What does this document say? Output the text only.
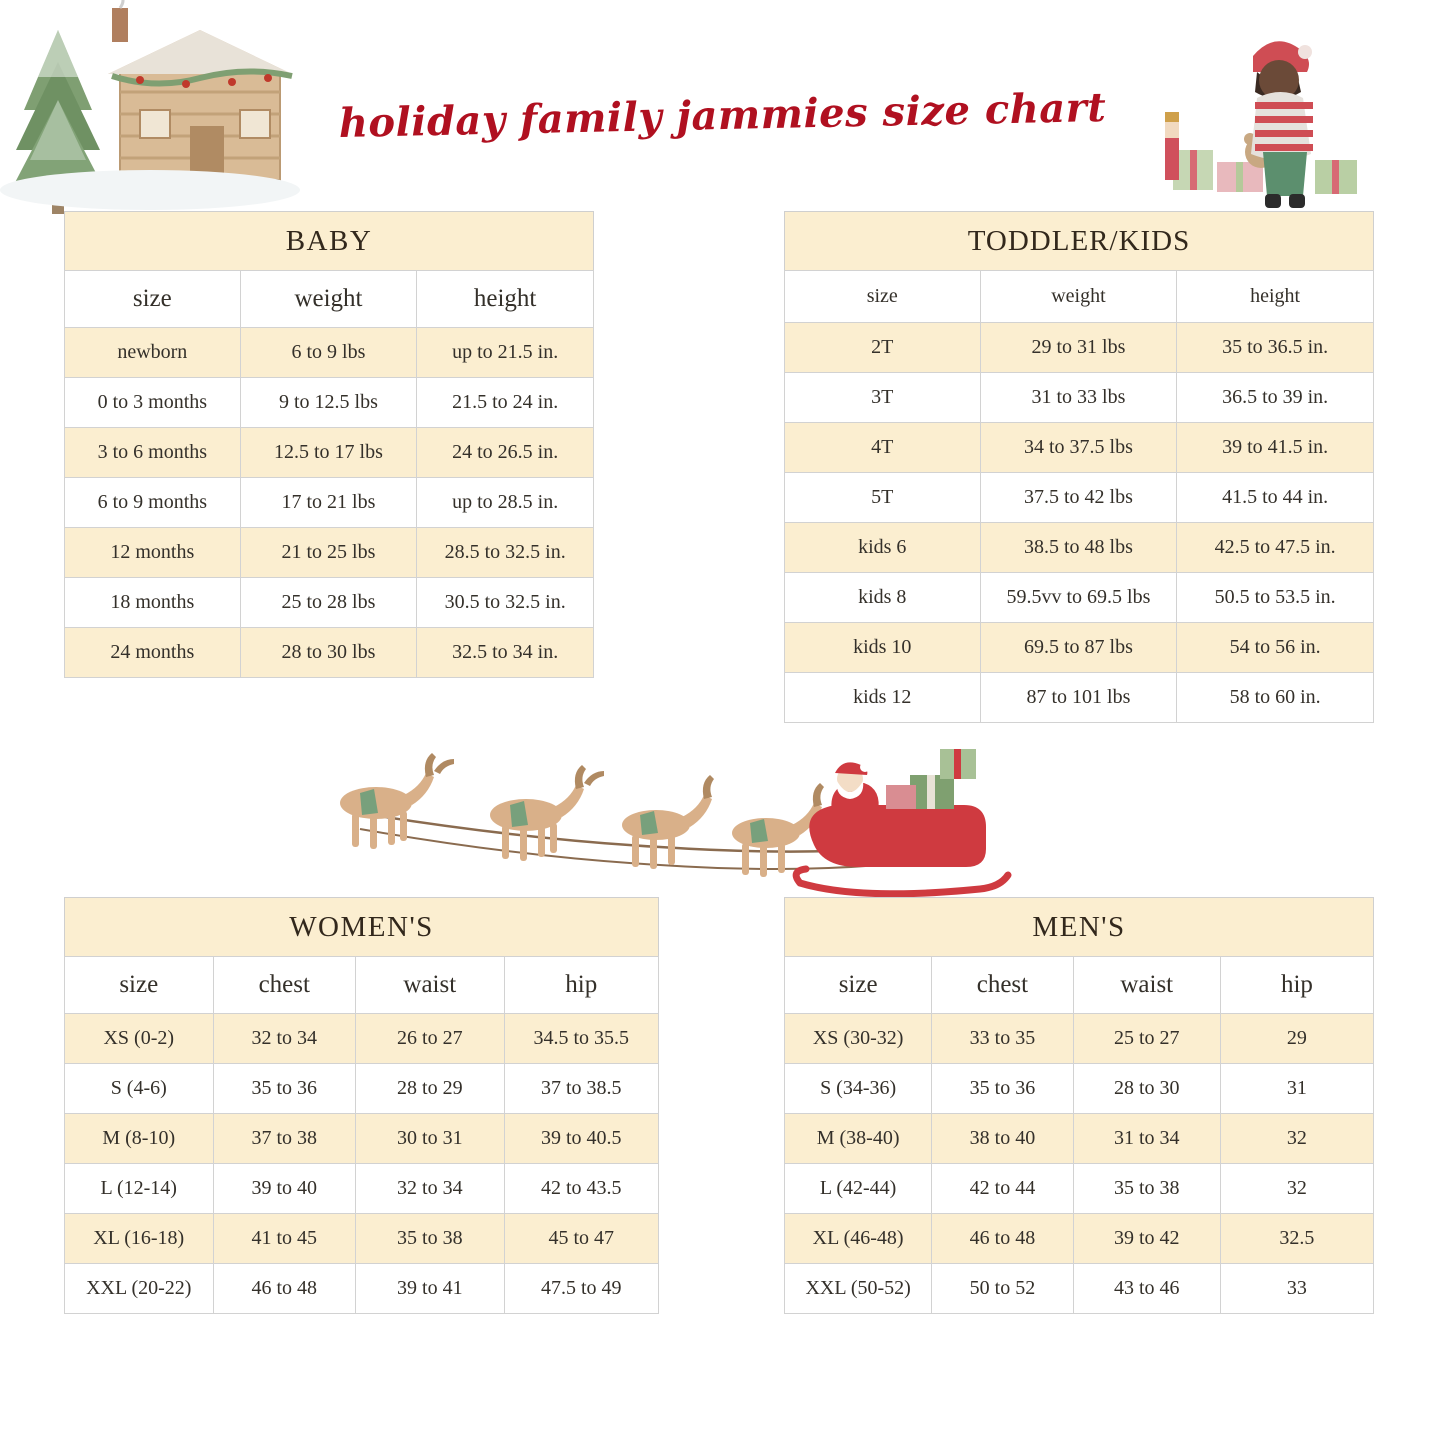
holiday family jammies size chart
BABY
size	weight	height
newborn	6 to 9 lbs	up to 21.5 in.
0 to 3 months	9 to 12.5 lbs	21.5 to 24 in.
3 to 6 months	12.5 to 17 lbs	24 to 26.5 in.
6 to 9 months	17 to 21 lbs	up to 28.5 in.
12 months	21 to 25 lbs	28.5 to 32.5 in.
18 months	25 to 28 lbs	30.5 to 32.5 in.
24 months	28 to 30 lbs	32.5 to 34 in.
TODDLER/KIDS
size	weight	height
2T	29 to 31 lbs	35 to 36.5 in.
3T	31 to 33 lbs	36.5 to 39 in.
4T	34 to 37.5 lbs	39 to 41.5 in.
5T	37.5 to 42 lbs	41.5 to 44 in.
kids 6	38.5 to 48 lbs	42.5 to 47.5 in.
kids 8	59.5vv to 69.5 lbs	50.5 to 53.5 in.
kids 10	69.5 to 87 lbs	54 to 56 in.
kids 12	87 to 101 lbs	58 to 60 in.
WOMEN'S
size	chest	waist	hip
XS (0-2)	32 to 34	26 to 27	34.5 to 35.5
S (4-6)	35 to 36	28 to 29	37 to 38.5
M (8-10)	37 to 38	30 to 31	39 to 40.5
L (12-14)	39 to 40	32 to 34	42 to 43.5
XL (16-18)	41 to 45	35 to 38	45 to 47
XXL (20-22)	46 to 48	39 to 41	47.5 to 49
MEN'S
size	chest	waist	hip
XS (30-32)	33 to 35	25 to 27	29
S (34-36)	35 to 36	28 to 30	31
M (38-40)	38 to 40	31 to 34	32
L (42-44)	42 to 44	35 to 38	32
XL (46-48)	46 to 48	39 to 42	32.5
XXL (50-52)	50 to 52	43 to 46	33
